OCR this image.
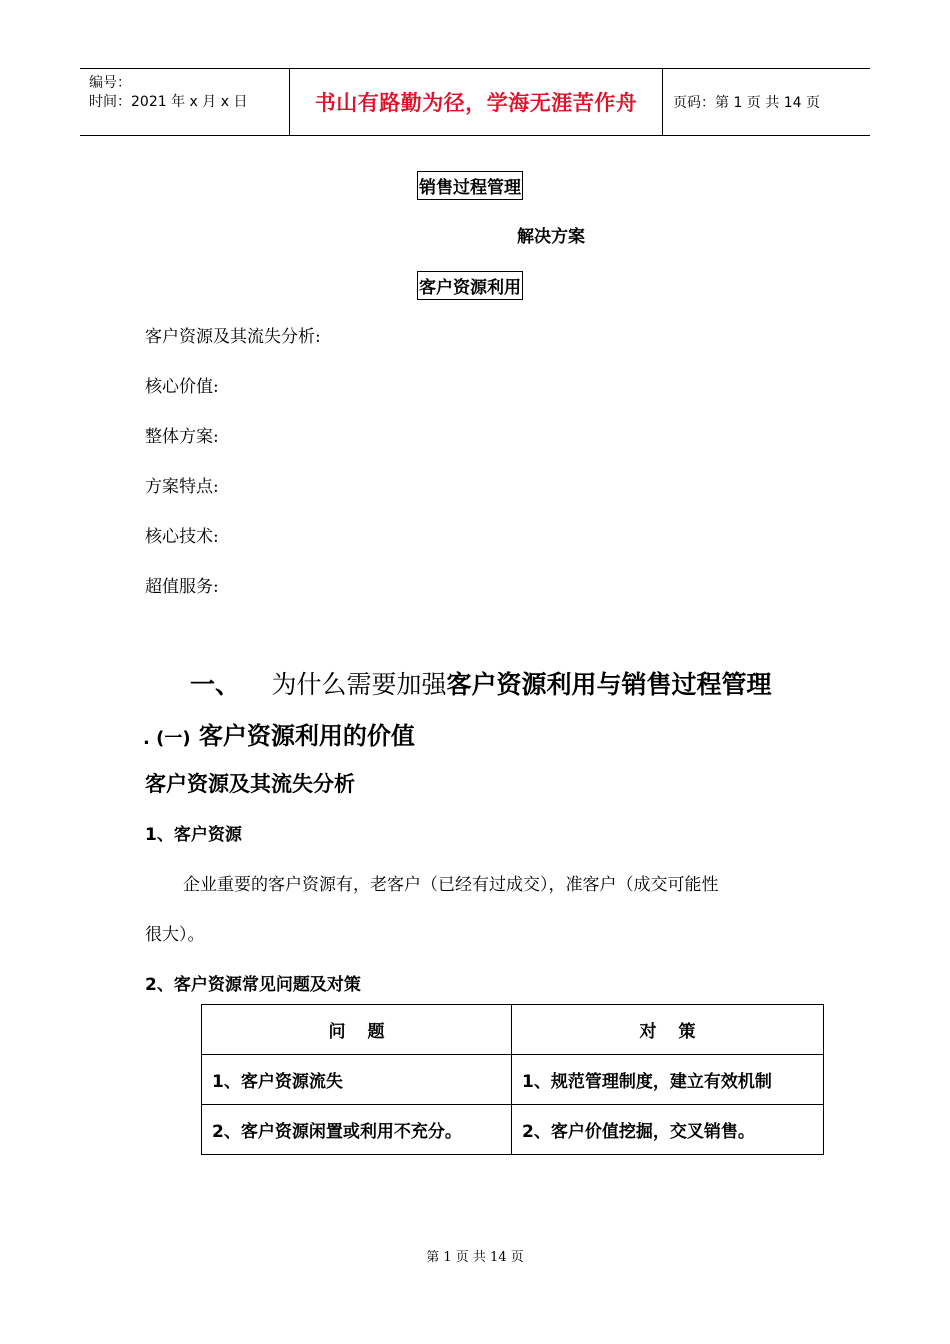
编号：
时间：2021 年 x 月 x 日	书山有路勤为径，学海无涯苦作舟	页码：第 1 页 共 14 页
销售过程管理
解决方案
客户资源利用
客户资源及其流失分析:
核心价值:
整体方案:
方案特点:
核心技术:
超值服务:
一、 为什么需要加强客户资源利用与销售过程管理
. (一) 客户资源利用的价值
客户资源及其流失分析
1、客户资源
企业重要的客户资源有，老客户（已经有过成交），准客户（成交可能性
很大）。
2、客户资源常见问题及对策
问 题	对 策
1、客户资源流失	1、规范管理制度，建立有效机制
2、客户资源闲置或利用不充分。	2、客户价值挖掘，交叉销售。
第 1 页 共 14 页
